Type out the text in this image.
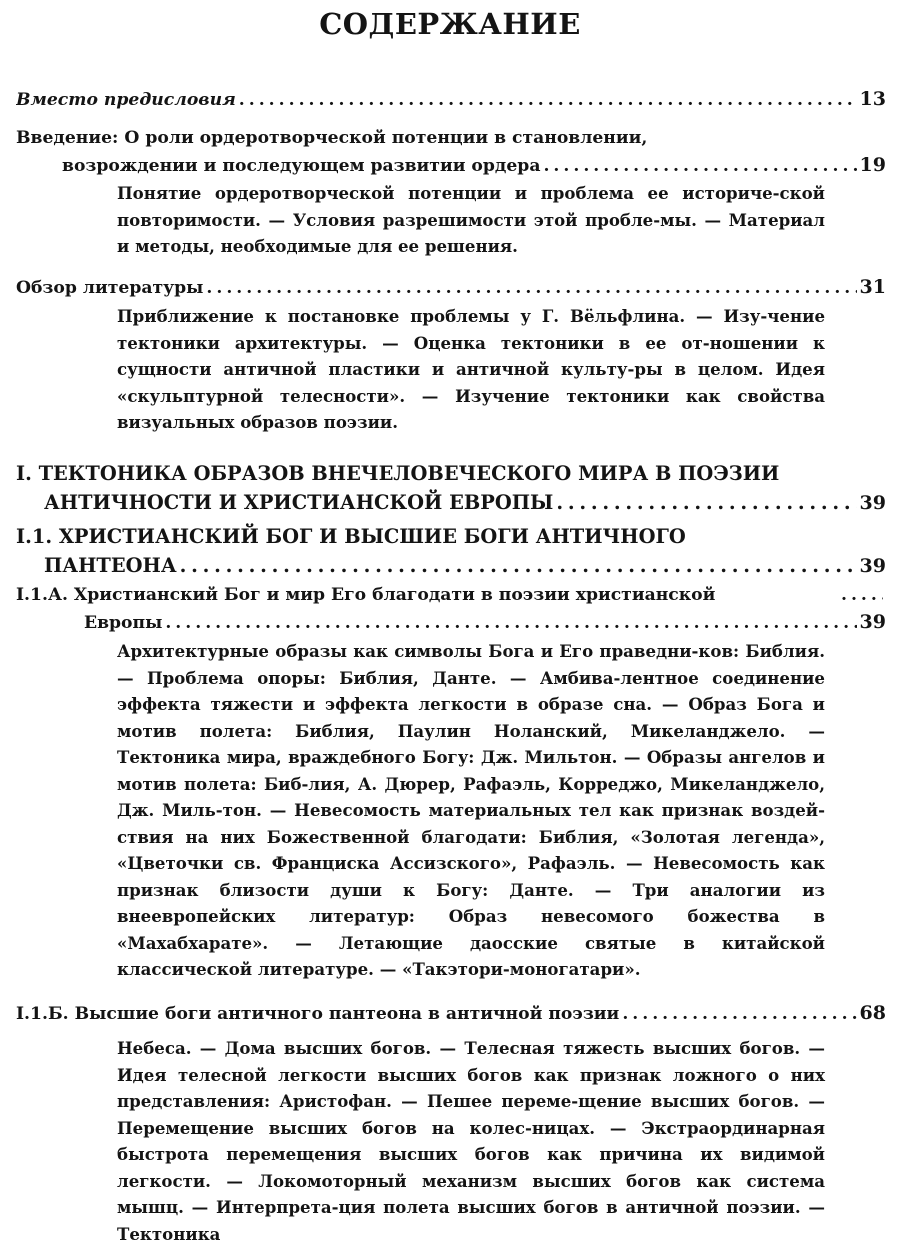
СОДЕРЖАНИЕ
Вместо предисловия . . .	13
Введение: О роли ордеротворческой потенции в становлении,
возрождении и последующем развитии ордера . . .	19

Понятие ордеротворческой потенции и проблема ее историче-ской повторимости. — Условия разрешимости этой пробле-мы. — Материал и методы, необходимые для ее решения.

Обзор литературы . . .	31

Приближение к постановке проблемы у Г. Вёльфлина. — Изу-чение тектоники архитектуры. — Оценка тектоники в ее от-ношении к сущности античной пластики и античной культу-ры в целом. Идея «скульптурной телесности». — Изучение тектоники как свойства визуальных образов поэзии.

I. ТЕКТОНИКА ОБРАЗОВ ВНЕЧЕЛОВЕЧЕСКОГО МИРА В ПОЭЗИИ
АНТИЧНОСТИ И ХРИСТИАНСКОЙ ЕВРОПЫ . . .	39
I.1. ХРИСТИАНСКИЙ БОГ И ВЫСШИЕ БОГИ АНТИЧНОГО
ПАНТЕОНА . . .	39
I.1.А. Христианский Бог и мир Его благодати в поэзии христианской
. . .
Европы . . .	39

Архитектурные образы как символы Бога и Его праведни-ков: Библия. — Проблема опоры: Библия, Данте. — Амбива-лентное соединение эффекта тяжести и эффекта легкости в образе сна. — Образ Бога и мотив полета: Библия, Паулин Ноланский, Микеланджело. — Тектоника мира, враждебного Богу: Дж. Мильтон. — Образы ангелов и мотив полета: Биб-лия, А. Дюрер, Рафаэль, Корреджо, Микеланджело, Дж. Миль-тон. — Невесомость материальных тел как признак воздей-ствия на них Божественной благодати: Библия, «Золотая легенда», «Цветочки св. Франциска Ассизского», Рафаэль. — Невесомость как признак близости души к Богу: Данте. — Три аналогии из внеевропейских литератур: Образ невесомого божества в «Махабхарате». — Летающие даосские святые в китайской классической литературе. — «Такэтори-моногатари».

I.1.Б. Высшие боги античного пантеона в античной поэзии . . .	68

Небеса. — Дома высших богов. — Телесная тяжесть высших богов. — Идея телесной легкости высших богов как признак ложного о них представления: Аристофан. — Пешее переме-щение высших богов. — Перемещение высших богов на колес-ницах. — Экстраординарная быстрота перемещения высших богов как причина их видимой легкости. — Локомоторный механизм высших богов как система мышц. — Интерпрета-ция полета высших богов в античной поэзии. — Тектоника
